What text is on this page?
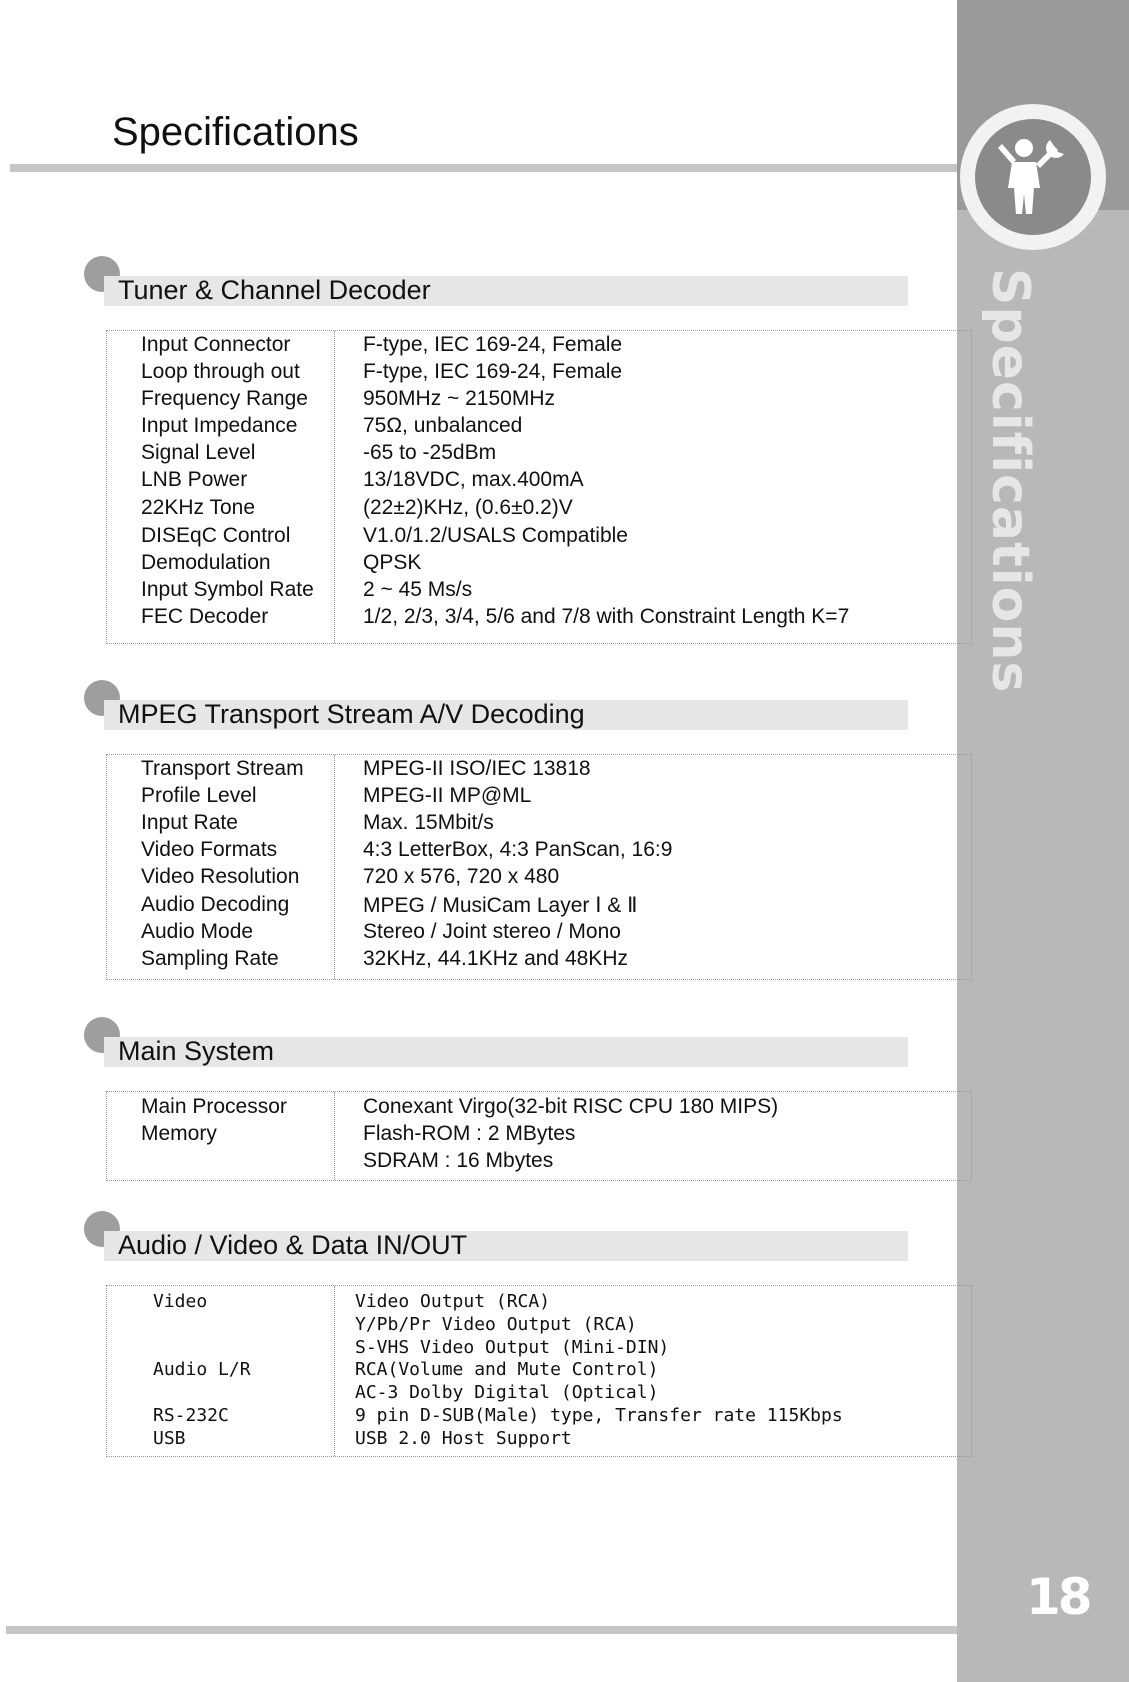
Specifications
18
Specifications
Tuner & Channel Decoder
Input Connector	F-type, IEC 169-24, Female
Loop through out	F-type, IEC 169-24, Female
Frequency Range	950MHz ~ 2150MHz
Input Impedance	75Ω, unbalanced
Signal Level	-65 to -25dBm
LNB Power	13/18VDC, max.400mA
22KHz Tone	(22±2)KHz, (0.6±0.2)V
DISEqC Control	V1.0/1.2/USALS Compatible
Demodulation	QPSK
Input Symbol Rate 2 ~ 45 Ms/s
FEC Decoder	1/2, 2/3, 3/4, 5/6 and 7/8 with Constraint Length K=7
MPEG Transport Stream A/V Decoding
Transport Stream	MPEG-II ISO/IEC 13818
Profile Level	MPEG-II MP@ML
Input Rate	Max. 15Mbit/s
Video Formats	4:3 LetterBox, 4:3 PanScan, 16:9
Video Resolution	720 x 576, 720 x 480
Audio Decoding	MPEG / MusiCam Layer Ⅰ & Ⅱ
Audio Mode	Stereo / Joint stereo / Mono
Sampling Rate	32KHz, 44.1KHz and 48KHz
Main System
Main Processor	Conexant Virgo(32-bit RISC CPU 180 MIPS)
Memory	Flash-ROM : 2 MBytes
SDRAM : 16 Mbytes
Audio / Video & Data IN/OUT
Video	Video Output (RCA)
Y/Pb/Pr Video Output (RCA)
S-VHS Video Output (Mini-DIN)
Audio L/R	RCA(Volume and Mute Control)
AC-3 Dolby Digital (Optical)
RS-232C	9 pin D-SUB(Male) type, Transfer rate 115Kbps
USB	USB 2.0 Host Support
